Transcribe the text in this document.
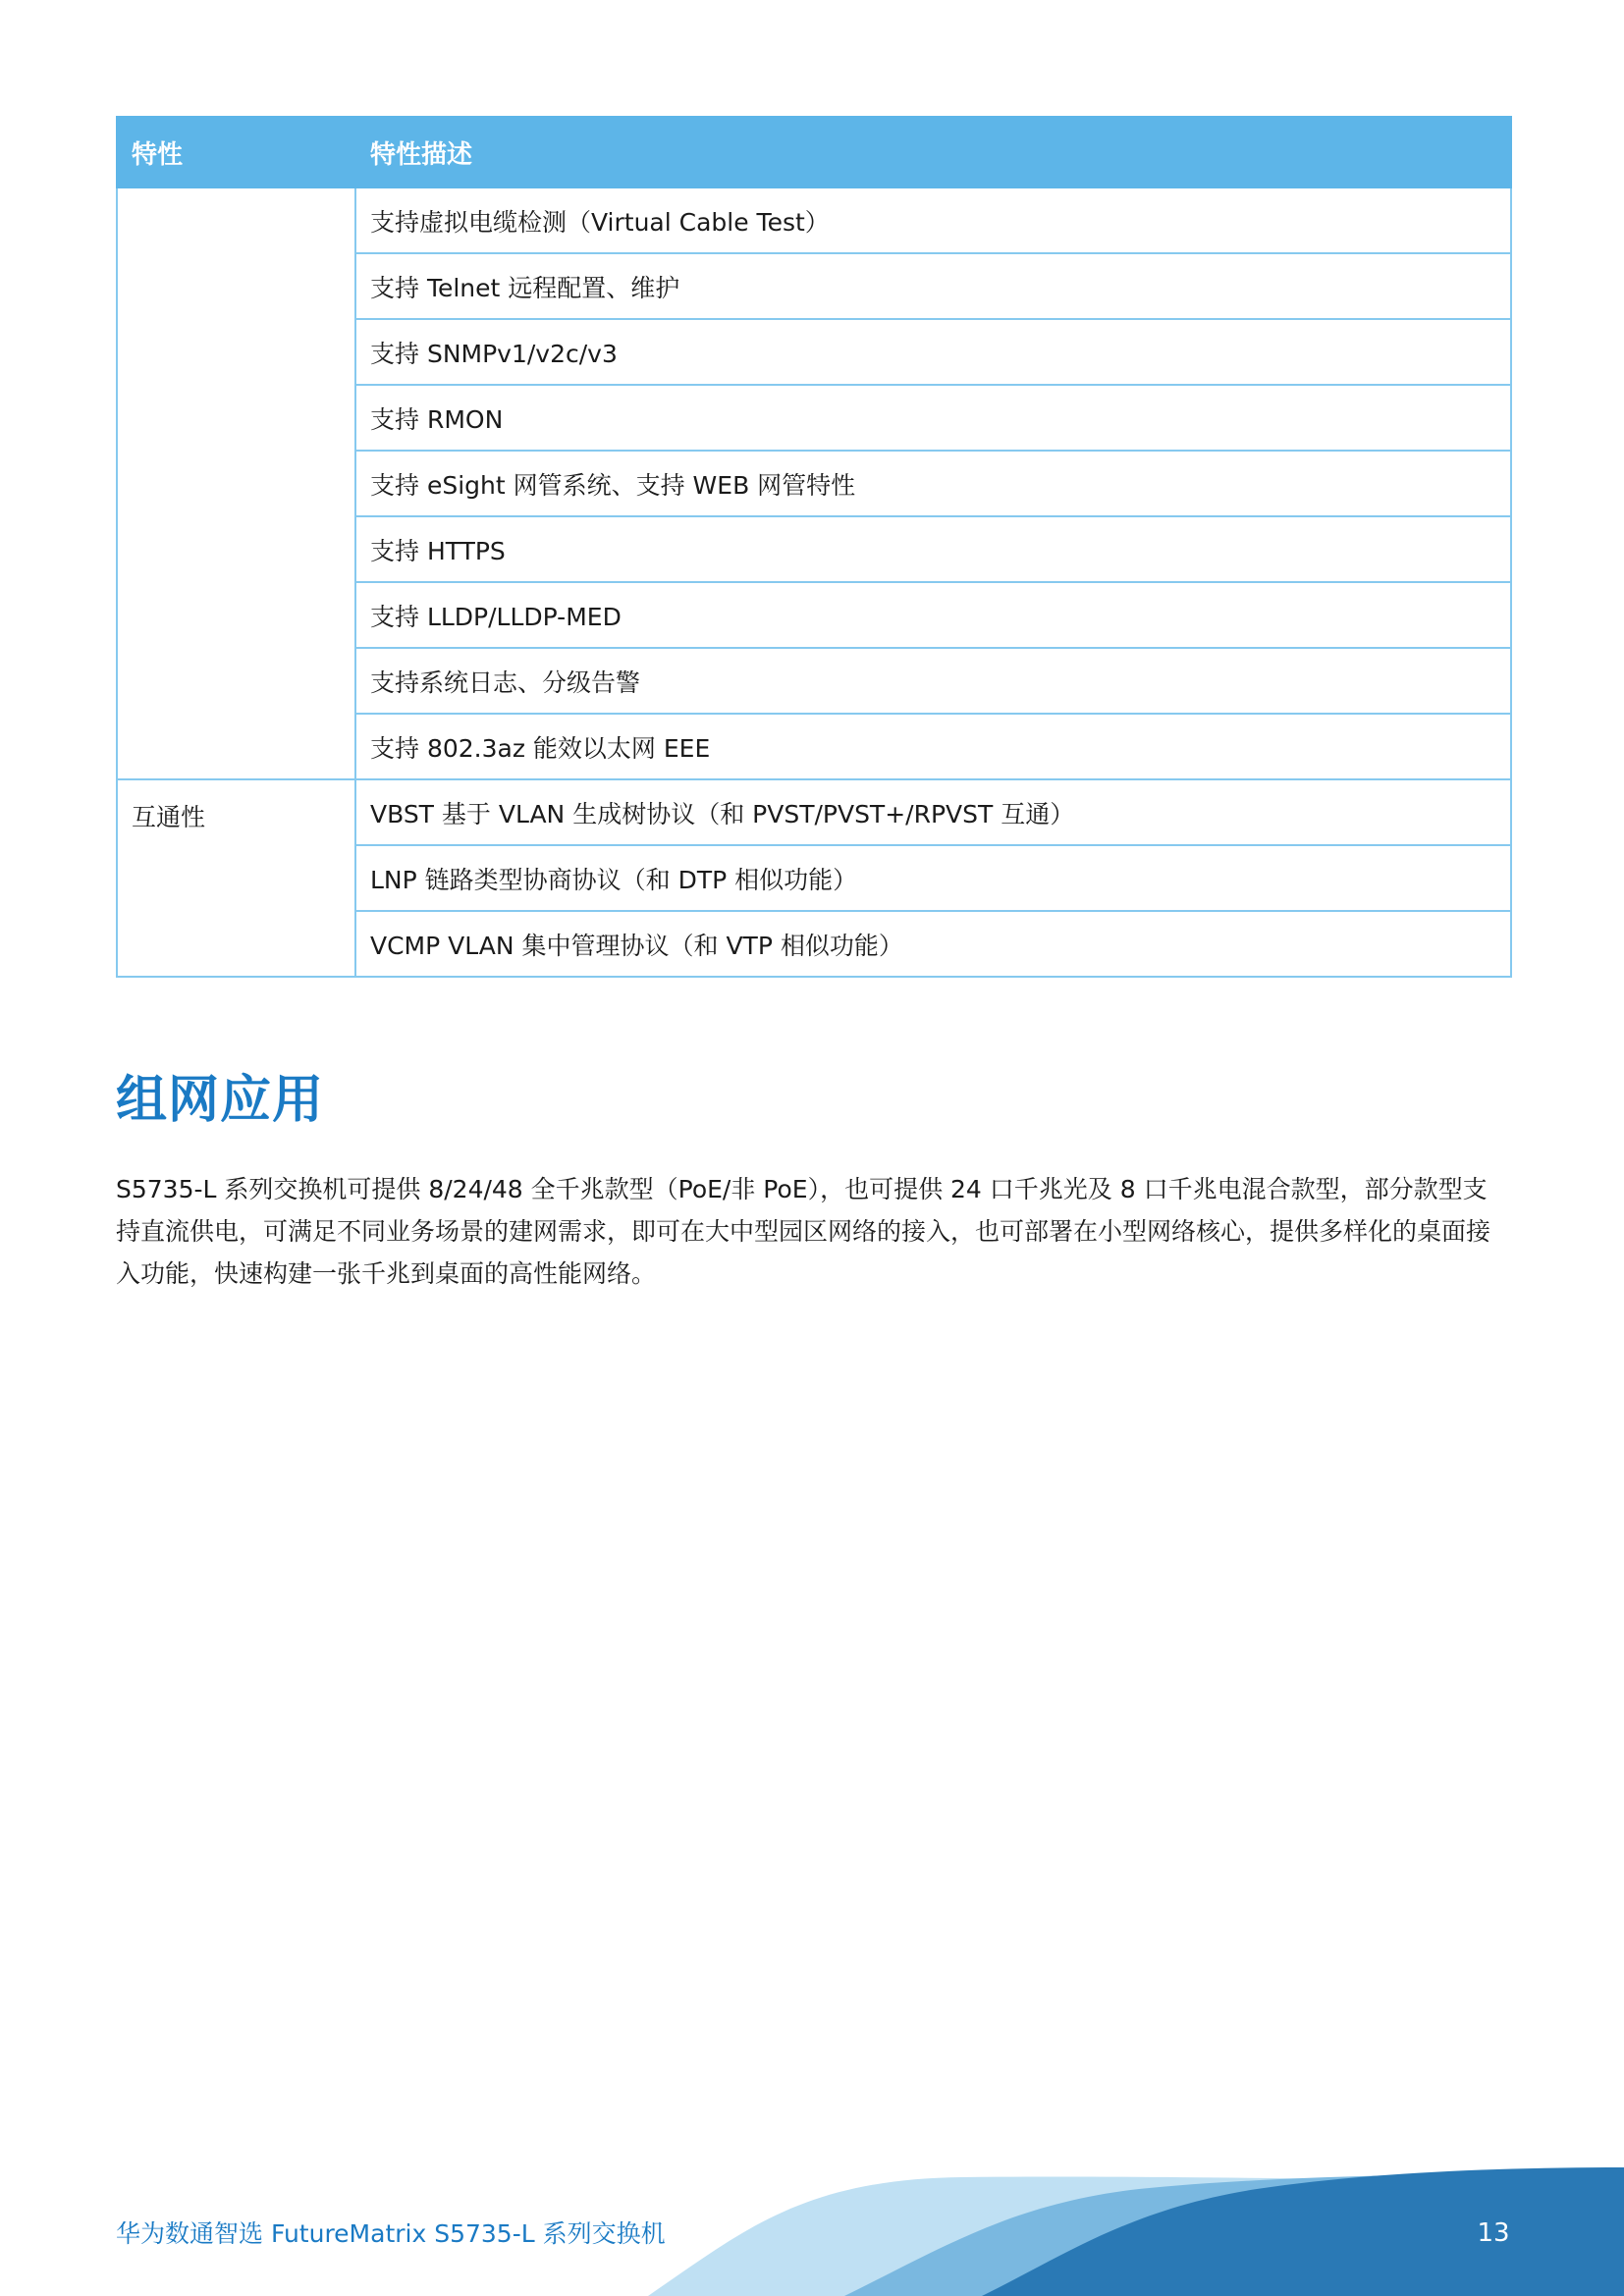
特性	特性描述
	支持虚拟电缆检测（Virtual Cable Test）
	支持 Telnet 远程配置、维护
	支持 SNMPv1/v2c/v3
	支持 RMON
	支持 eSight 网管系统、支持 WEB 网管特性
	支持 HTTPS
	支持 LLDP/LLDP-MED
	支持系统日志、分级告警
	支持 802.3az 能效以太网 EEE
互通性	VBST 基于 VLAN 生成树协议（和 PVST/PVST+/RPVST 互通）
	LNP 链路类型协商协议（和 DTP 相似功能）
	VCMP VLAN 集中管理协议（和 VTP 相似功能）
组网应用

S5735-L 系列交换机可提供 8/24/48 全千兆款型（PoE/非 PoE），也可提供 24 口千兆光及 8 口千兆电混合款型，部分款型支持直流供电，可满足不同业务场景的建网需求，即可在大中型园区网络的接入，也可部署在小型网络核心，提供多样化的桌面接入功能，快速构建一张千兆到桌面的高性能网络。

华为数通智选 FutureMatrix S5735-L 系列交换机	13
